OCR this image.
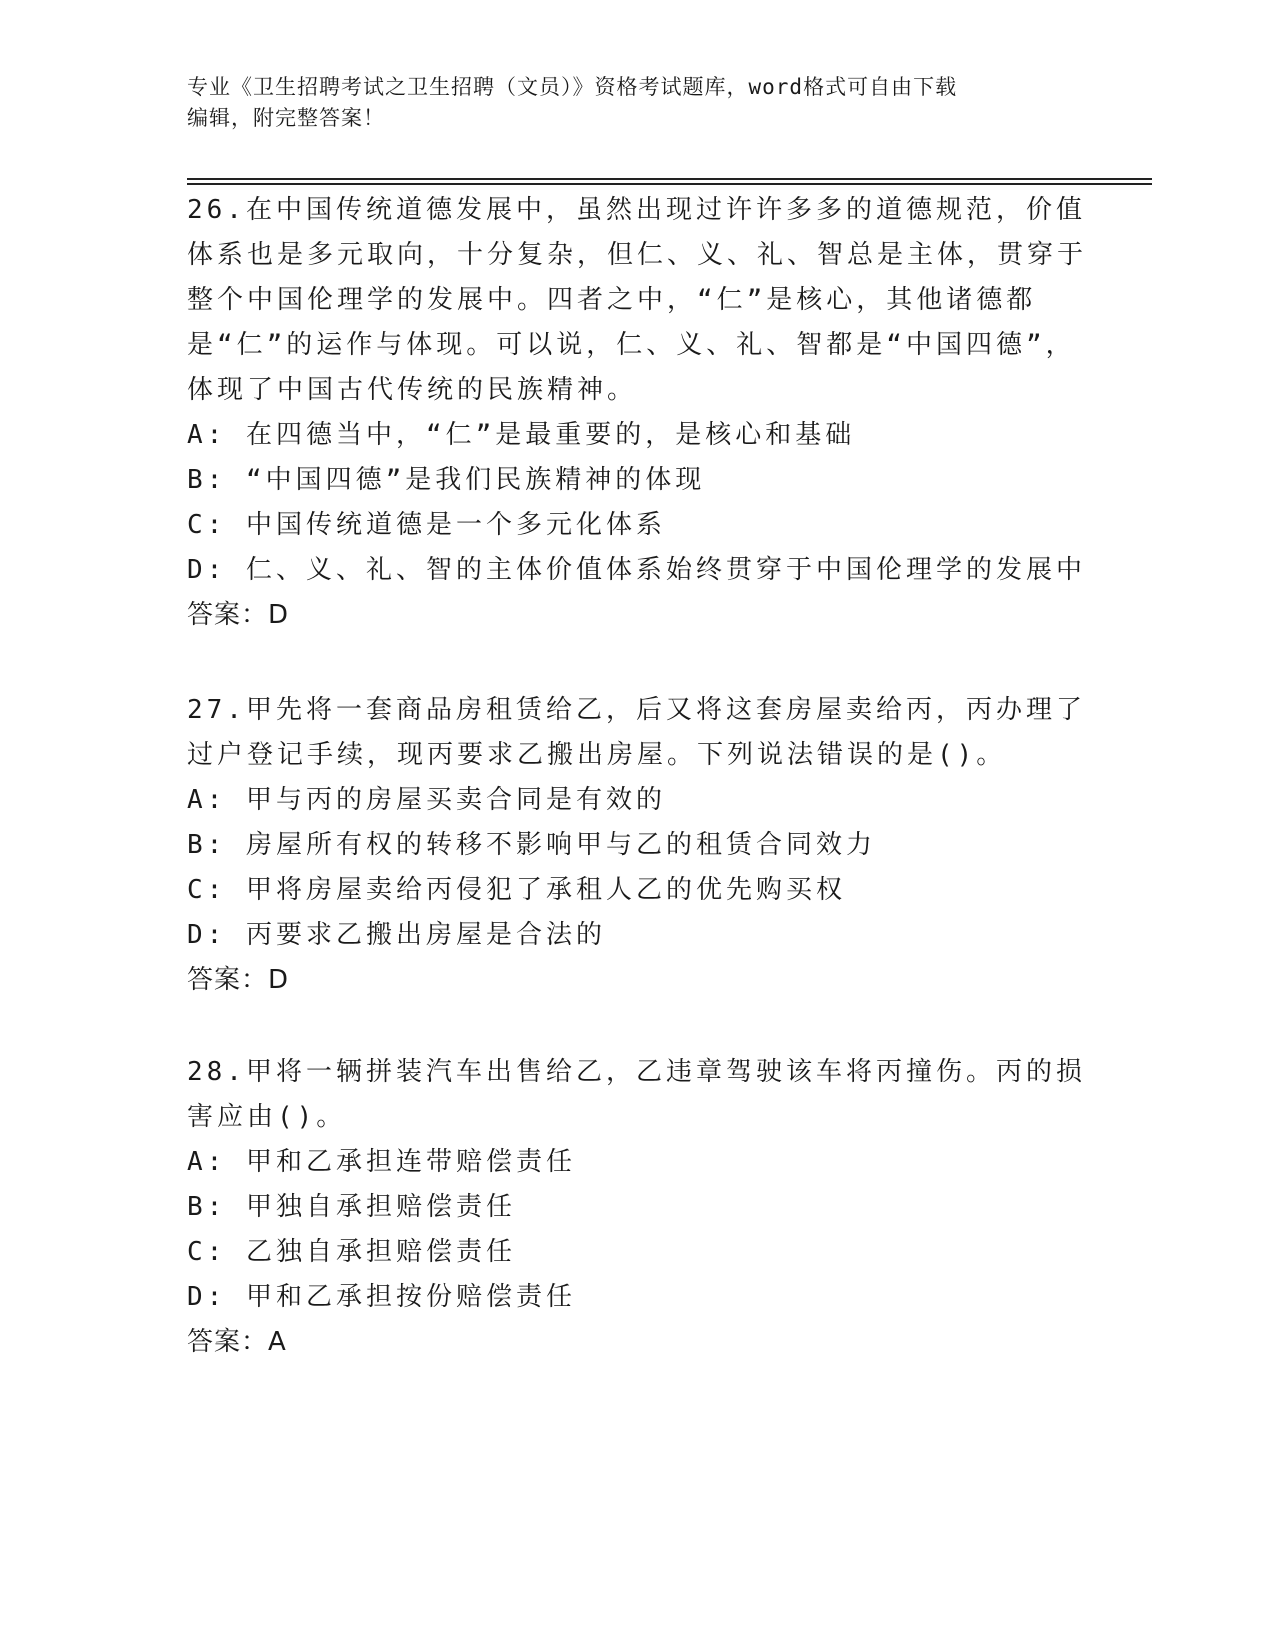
专业《卫生招聘考试之卫生招聘（文员）》资格考试题库，word格式可自由下载
编辑，附完整答案！
26.在中国传统道德发展中，虽然出现过许许多多的道德规范，价值体系也是多元取向，十分复杂，但仁、义、礼、智总是主体，贯穿于整个中国伦理学的发展中。四者之中，“仁”是核心，其他诸德都是“仁”的运作与体现。可以说，仁、义、礼、智都是“中国四德”，体现了中国古代传统的民族精神。
A: 在四德当中，“仁”是最重要的，是核心和基础
B: “中国四德”是我们民族精神的体现
C: 中国传统道德是一个多元化体系
D: 仁、义、礼、智的主体价值体系始终贯穿于中国伦理学的发展中
答案：D
27.甲先将一套商品房租赁给乙，后又将这套房屋卖给丙，丙办理了过户登记手续，现丙要求乙搬出房屋。下列说法错误的是()。
A: 甲与丙的房屋买卖合同是有效的
B: 房屋所有权的转移不影响甲与乙的租赁合同效力
C: 甲将房屋卖给丙侵犯了承租人乙的优先购买权
D: 丙要求乙搬出房屋是合法的
答案：D
28.甲将一辆拼装汽车出售给乙，乙违章驾驶该车将丙撞伤。丙的损害应由()。
A: 甲和乙承担连带赔偿责任
B: 甲独自承担赔偿责任
C: 乙独自承担赔偿责任
D: 甲和乙承担按份赔偿责任
答案：A
